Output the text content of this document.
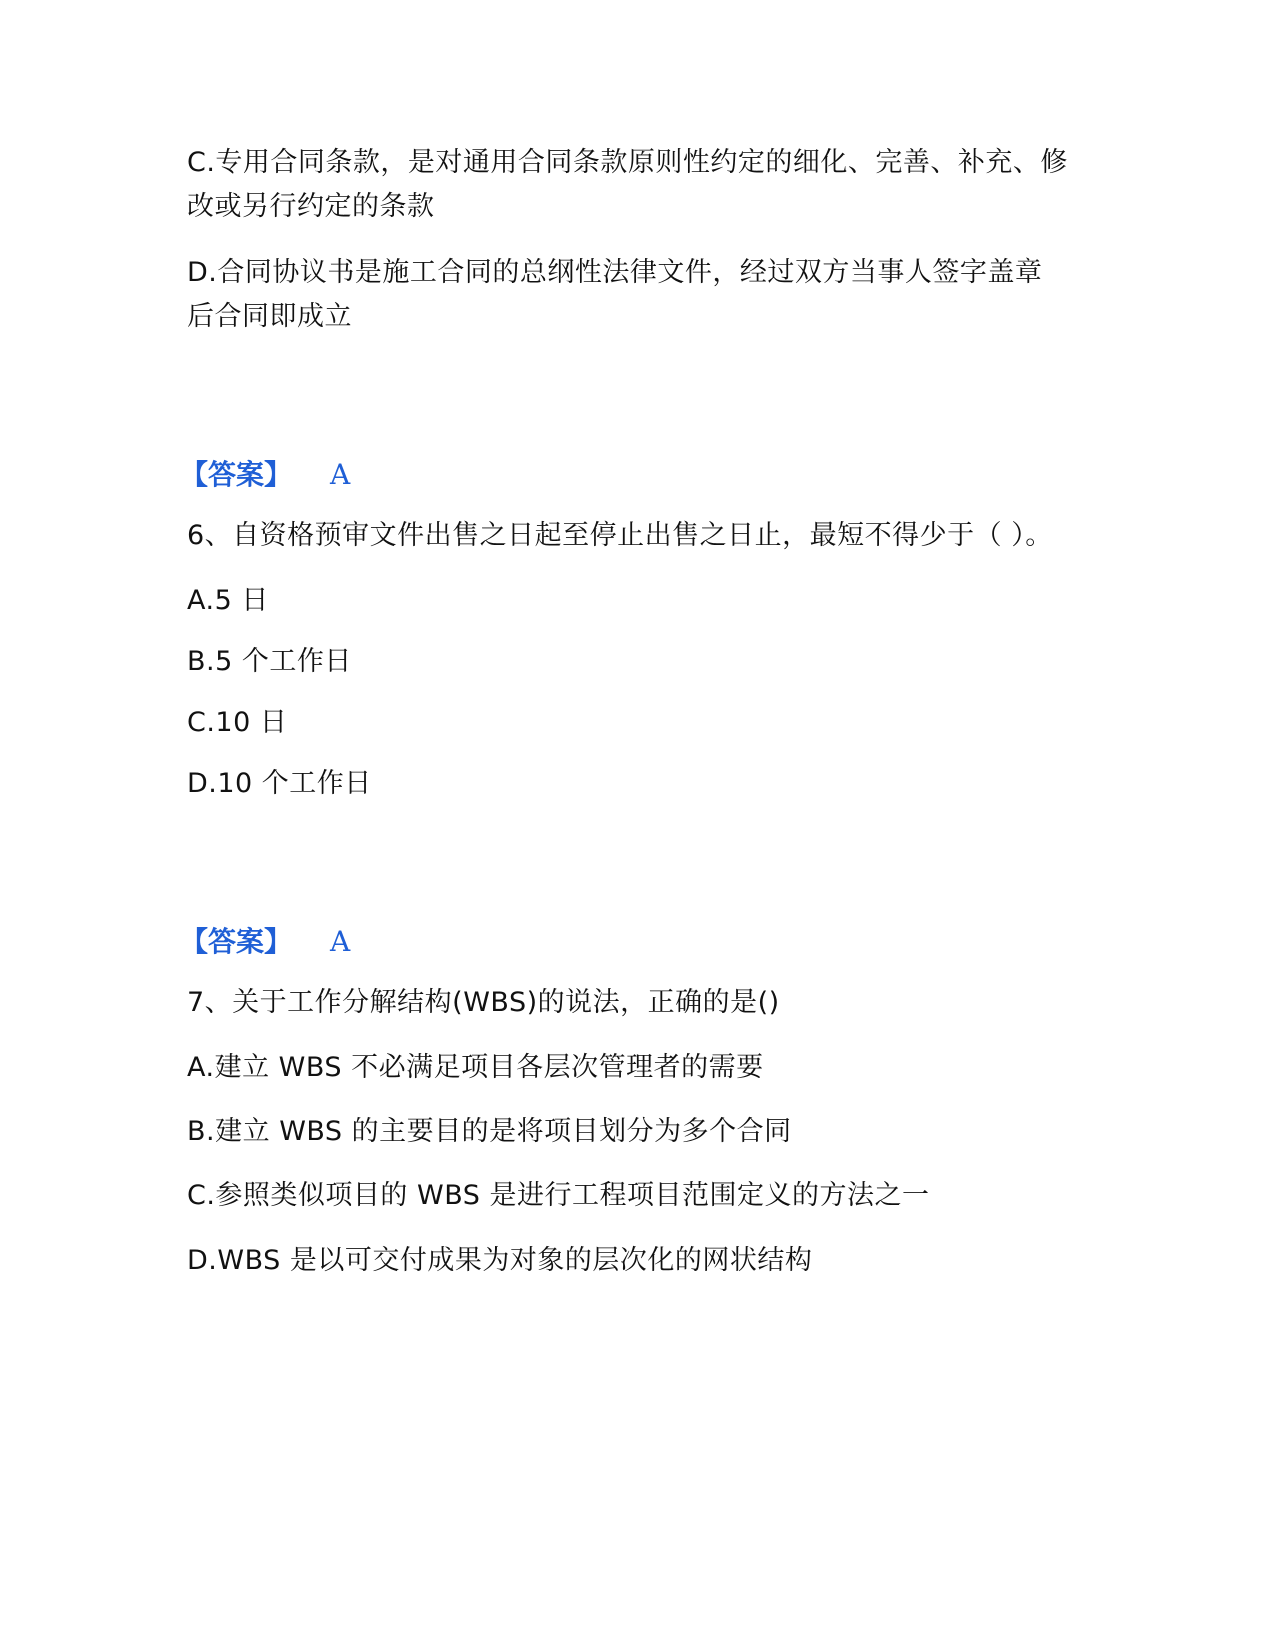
C.专用合同条款，是对通用合同条款原则性约定的细化、完善、补充、修
改或另行约定的条款
D.合同协议书是施工合同的总纲性法律文件，经过双方当事人签字盖章
后合同即成立
【答案】 A
6、自资格预审文件出售之日起至停止出售之日止，最短不得少于（ ）。
A.5 日
B.5 个工作日
C.10 日
D.10 个工作日
【答案】 A
7、关于工作分解结构(WBS)的说法，正确的是()
A.建立 WBS 不必满足项目各层次管理者的需要
B.建立 WBS 的主要目的是将项目划分为多个合同
C.参照类似项目的 WBS 是进行工程项目范围定义的方法之一
D.WBS 是以可交付成果为对象的层次化的网状结构
